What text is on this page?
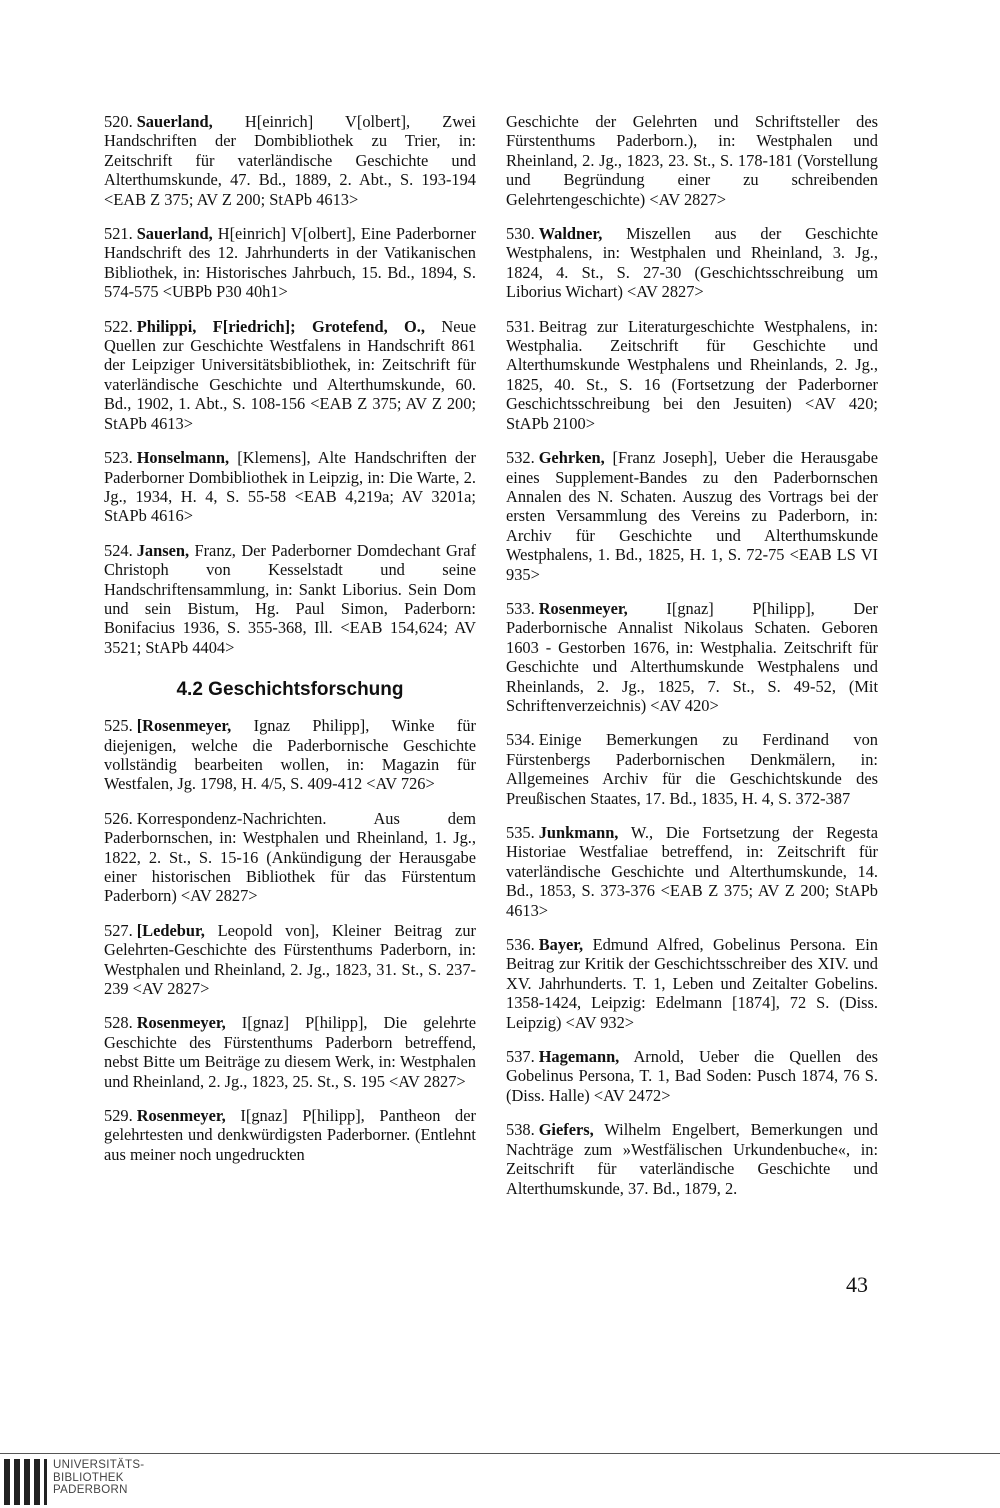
520. Sauerland, H[einrich] V[olbert], Zwei Handschriften der Dombibliothek zu Trier, in: Zeitschrift für vaterländische Geschichte und Alterthumskunde, 47. Bd., 1889, 2. Abt., S. 193-194 <EAB Z 375; AV Z 200; StAPb 4613>

521. Sauerland, H[einrich] V[olbert], Eine Paderborner Handschrift des 12. Jahrhunderts in der Vatikanischen Bibliothek, in: Historisches Jahrbuch, 15. Bd., 1894, S. 574-575 <UBPb P30 40h1>

522. Philippi, F[riedrich]; Grotefend, O., Neue Quellen zur Geschichte Westfalens in Handschrift 861 der Leipziger Universitätsbibliothek, in: Zeitschrift für vaterländische Geschichte und Alterthumskunde, 60. Bd., 1902, 1. Abt., S. 108-156 <EAB Z 375; AV Z 200; StAPb 4613>

523. Honselmann, [Klemens], Alte Handschriften der Paderborner Dombibliothek in Leipzig, in: Die Warte, 2. Jg., 1934, H. 4, S. 55-58 <EAB 4,219a; AV 3201a; StAPb 4616>

524. Jansen, Franz, Der Paderborner Domdechant Graf Christoph von Kesselstadt und seine Handschriftensammlung, in: Sankt Liborius. Sein Dom und sein Bistum, Hg. Paul Simon, Paderborn: Bonifacius 1936, S. 355-368, Ill. <EAB 154,624; AV 3521; StAPb 4404>

4.2 Geschichtsforschung

525. [Rosenmeyer, Ignaz Philipp], Winke für diejenigen, welche die Paderbornische Geschichte vollständig bearbeiten wollen, in: Magazin für Westfalen, Jg. 1798, H. 4/5, S. 409-412 <AV 726>

526. Korrespondenz-Nachrichten. Aus dem Paderbornschen, in: Westphalen und Rheinland, 1. Jg., 1822, 2. St., S. 15-16 (Ankündigung der Herausgabe einer historischen Bibliothek für das Fürstentum Paderborn) <AV 2827>

527. [Ledebur, Leopold von], Kleiner Beitrag zur Gelehrten-Geschichte des Fürstenthums Paderborn, in: Westphalen und Rheinland, 2. Jg., 1823, 31. St., S. 237-239 <AV 2827>

528. Rosenmeyer, I[gnaz] P[hilipp], Die gelehrte Geschichte des Fürstenthums Paderborn betreffend, nebst Bitte um Beiträge zu diesem Werk, in: Westphalen und Rheinland, 2. Jg., 1823, 25. St., S. 195 <AV 2827>

529. Rosenmeyer, I[gnaz] P[hilipp], Pantheon der gelehrtesten und denkwürdigsten Paderborner. (Entlehnt aus meiner noch ungedruckten

Geschichte der Gelehrten und Schriftsteller des Fürstenthums Paderborn.), in: Westphalen und Rheinland, 2. Jg., 1823, 23. St., S. 178-181 (Vorstellung und Begründung einer zu schreibenden Gelehrtengeschichte) <AV 2827>

530. Waldner, Miszellen aus der Geschichte Westphalens, in: Westphalen und Rheinland, 3. Jg., 1824, 4. St., S. 27-30 (Geschichtsschreibung um Liborius Wichart) <AV 2827>

531. Beitrag zur Literaturgeschichte Westphalens, in: Westphalia. Zeitschrift für Geschichte und Alterthumskunde Westphalens und Rheinlands, 2. Jg., 1825, 40. St., S. 16 (Fortsetzung der Paderborner Geschichtsschreibung bei den Jesuiten) <AV 420; StAPb 2100>

532. Gehrken, [Franz Joseph], Ueber die Herausgabe eines Supplement-Bandes zu den Paderbornschen Annalen des N. Schaten. Auszug des Vortrags bei der ersten Versammlung des Vereins zu Paderborn, in: Archiv für Geschichte und Alterthumskunde Westphalens, 1. Bd., 1825, H. 1, S. 72-75 <EAB LS VI 935>

533. Rosenmeyer, I[gnaz] P[hilipp], Der Paderbornische Annalist Nikolaus Schaten. Geboren 1603 - Gestorben 1676, in: Westphalia. Zeitschrift für Geschichte und Alterthumskunde Westphalens und Rheinlands, 2. Jg., 1825, 7. St., S. 49-52, (Mit Schriftenverzeichnis) <AV 420>

534. Einige Bemerkungen zu Ferdinand von Fürstenbergs Paderbornischen Denkmälern, in: Allgemeines Archiv für die Geschichtskunde des Preußischen Staates, 17. Bd., 1835, H. 4, S. 372-387

535. Junkmann, W., Die Fortsetzung der Regesta Historiae Westfaliae betreffend, in: Zeitschrift für vaterländische Geschichte und Alterthumskunde, 14. Bd., 1853, S. 373-376 <EAB Z 375; AV Z 200; StAPb 4613>

536. Bayer, Edmund Alfred, Gobelinus Persona. Ein Beitrag zur Kritik der Geschichtsschreiber des XIV. und XV. Jahrhunderts. T. 1, Leben und Zeitalter Gobelins. 1358-1424, Leipzig: Edelmann [1874], 72 S. (Diss. Leipzig) <AV 932>

537. Hagemann, Arnold, Ueber die Quellen des Gobelinus Persona, T. 1, Bad Soden: Pusch 1874, 76 S. (Diss. Halle) <AV 2472>

538. Giefers, Wilhelm Engelbert, Bemerkungen und Nachträge zum »Westfälischen Urkundenbuche«, in: Zeitschrift für vaterländische Geschichte und Alterthumskunde, 37. Bd., 1879, 2.

43
UNIVERSITÄTS-
BIBLIOTHEK
PADERBORN
